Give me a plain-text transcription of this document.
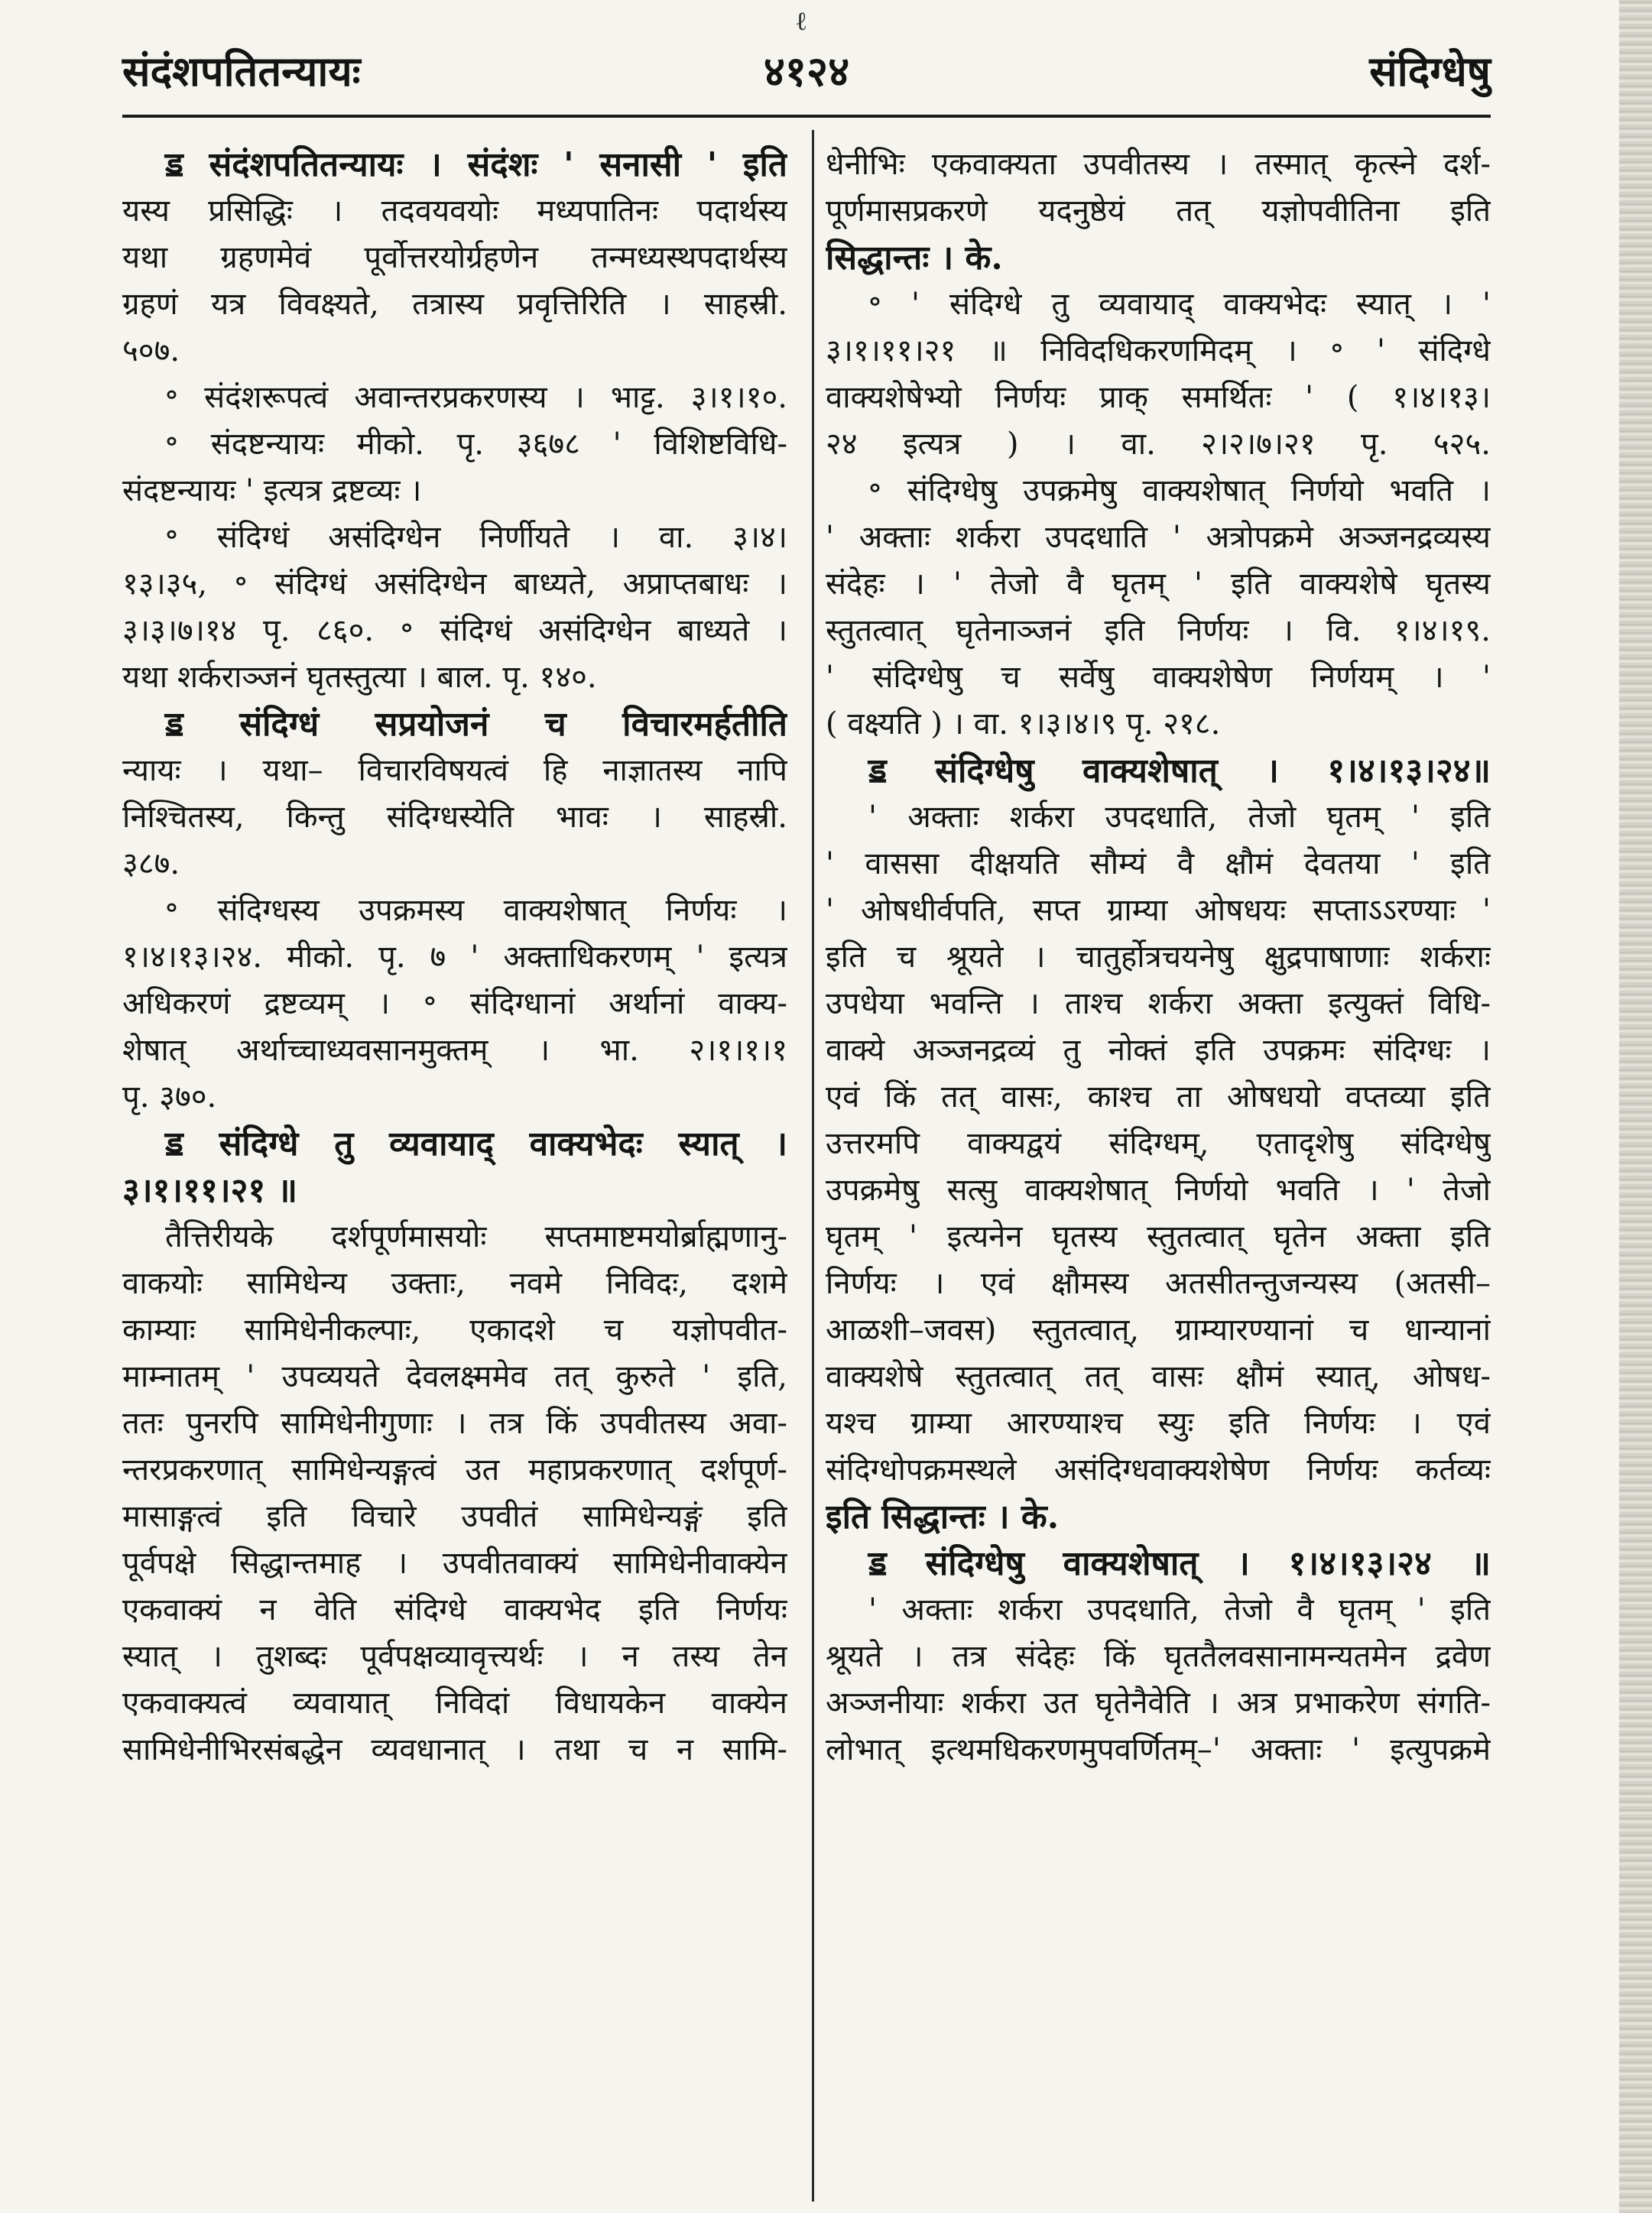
ℓ
संदंशपतितन्यायः	४१२४	संदिग्धेषु
ॾ संदंशपतितन्यायः । संदंशः ' सनासी ' इति
यस्य प्रसिद्धिः । तदवयवयोः मध्यपातिनः पदार्थस्य
यथा ग्रहणमेवं पूर्वोत्तरयोर्ग्रहणेन तन्मध्यस्थपदार्थस्य
ग्रहणं यत्र विवक्ष्यते, तत्रास्य प्रवृत्तिरिति । साहस्री.
५०७.
॰ संदंशरूपत्वं अवान्तरप्रकरणस्य । भाट्ट. ३।१।१०.
॰ संदष्टन्यायः मीको. पृ. ३६७८ ' विशिष्टविधि-
संदष्टन्यायः ' इत्यत्र द्रष्टव्यः ।
॰ संदिग्धं असंदिग्धेन निर्णीयते । वा. ३।४।
१३।३५, ॰ संदिग्धं असंदिग्धेन बाध्यते, अप्राप्तबाधः ।
३।३।७।१४ पृ. ८६०. ॰ संदिग्धं असंदिग्धेन बाध्यते ।
यथा शर्कराञ्जनं घृतस्तुत्या । बाल. पृ. १४०.
ॾ संदिग्धं सप्रयोजनं च विचारमर्हतीति
न्यायः । यथा– विचारविषयत्वं हि नाज्ञातस्य नापि
निश्चितस्य, किन्तु संदिग्धस्येति भावः । साहस्री.
३८७.
॰ संदिग्धस्य उपक्रमस्य वाक्यशेषात् निर्णयः ।
१।४।१३।२४. मीको. पृ. ७ ' अक्ताधिकरणम् ' इत्यत्र
अधिकरणं द्रष्टव्यम् । ॰ संदिग्धानां अर्थानां वाक्य-
शेषात् अर्थाच्चाध्यवसानमुक्तम् । भा. २।१।१।१
पृ. ३७०.
ॾ संदिग्धे तु व्यवायाद् वाक्यभेदः स्यात् ।
३।१।११।२१ ॥
तैत्तिरीयके दर्शपूर्णमासयोः सप्तमाष्टमयोर्ब्राह्मणानु-
वाकयोः सामिधेन्य उक्ताः, नवमे निविदः, दशमे
काम्याः सामिधेनीकल्पाः, एकादशे च यज्ञोपवीत-
माम्नातम् ' उपव्ययते देवलक्ष्ममेव तत् कुरुते ' इति,
ततः पुनरपि सामिधेनीगुणाः । तत्र किं उपवीतस्य अवा-
न्तरप्रकरणात् सामिधेन्यङ्गत्वं उत महाप्रकरणात् दर्शपूर्ण-
मासाङ्गत्वं इति विचारे उपवीतं सामिधेन्यङ्गं इति
पूर्वपक्षे सिद्धान्तमाह । उपवीतवाक्यं सामिधेनीवाक्येन
एकवाक्यं न वेति संदिग्धे वाक्यभेद इति निर्णयः
स्यात् । तुशब्दः पूर्वपक्षव्यावृत्त्यर्थः । न तस्य तेन
एकवाक्यत्वं व्यवायात् निविदां विधायकेन वाक्येन
सामिधेनीभिरसंबद्धेन व्यवधानात् । तथा च न सामि-
धेनीभिः एकवाक्यता उपवीतस्य । तस्मात् कृत्स्ने दर्श-
पूर्णमासप्रकरणे यदनुष्ठेयं तत् यज्ञोपवीतिना इति
सिद्धान्तः । के.
॰ ' संदिग्धे तु व्यवायाद् वाक्यभेदः स्यात् । '
३।१।११।२१ ॥ निविदधिकरणमिदम् । ॰ ' संदिग्धे
वाक्यशेषेभ्यो निर्णयः प्राक् समर्थितः ' ( १।४।१३।
२४ इत्यत्र ) । वा. २।२।७।२१ पृ. ५२५.
॰ संदिग्धेषु उपक्रमेषु वाक्यशेषात् निर्णयो भवति ।
' अक्ताः शर्करा उपदधाति ' अत्रोपक्रमे अञ्जनद्रव्यस्य
संदेहः । ' तेजो वै घृतम् ' इति वाक्यशेषे घृतस्य
स्तुतत्वात् घृतेनाञ्जनं इति निर्णयः । वि. १।४।१९.
' संदिग्धेषु च सर्वेषु वाक्यशेषेण निर्णयम् । '
( वक्ष्यति ) । वा. १।३।४।९ पृ. २१८.
ॾ संदिग्धेषु वाक्यशेषात् । १।४।१३।२४॥
' अक्ताः शर्करा उपदधाति, तेजो घृतम् ' इति
' वाससा दीक्षयति सौम्यं वै क्षौमं देवतया ' इति
' ओषधीर्वपति, सप्त ग्राम्या ओषधयः सप्ताऽऽरण्याः '
इति च श्रूयते । चातुर्होत्रचयनेषु क्षुद्रपाषाणाः शर्कराः
उपधेया भवन्ति । ताश्च शर्करा अक्ता इत्युक्तं विधि-
वाक्ये अञ्जनद्रव्यं तु नोक्तं इति उपक्रमः संदिग्धः ।
एवं किं तत् वासः, काश्च ता ओषधयो वप्तव्या इति
उत्तरमपि वाक्यद्वयं संदिग्धम्, एतादृशेषु संदिग्धेषु
उपक्रमेषु सत्सु वाक्यशेषात् निर्णयो भवति । ' तेजो
घृतम् ' इत्यनेन घृतस्य स्तुतत्वात् घृतेन अक्ता इति
निर्णयः । एवं क्षौमस्य अतसीतन्तुजन्यस्य (अतसी–
आळशी–जवस) स्तुतत्वात्, ग्राम्यारण्यानां च धान्यानां
वाक्यशेषे स्तुतत्वात् तत् वासः क्षौमं स्यात्, ओषध-
यश्च ग्राम्या आरण्याश्च स्युः इति निर्णयः । एवं
संदिग्धोपक्रमस्थले असंदिग्धवाक्यशेषेण निर्णयः कर्तव्यः
इति सिद्धान्तः । के.
ॾ संदिग्धेषु वाक्यशेषात् । १।४।१३।२४ ॥
' अक्ताः शर्करा उपदधाति, तेजो वै घृतम् ' इति
श्रूयते । तत्र संदेहः किं घृततैलवसानामन्यतमेन द्रवेण
अञ्जनीयाः शर्करा उत घृतेनैवेति । अत्र प्रभाकरेण संगति-
लोभात् इत्थमधिकरणमुपवर्णितम्–' अक्ताः ' इत्युपक्रमे
